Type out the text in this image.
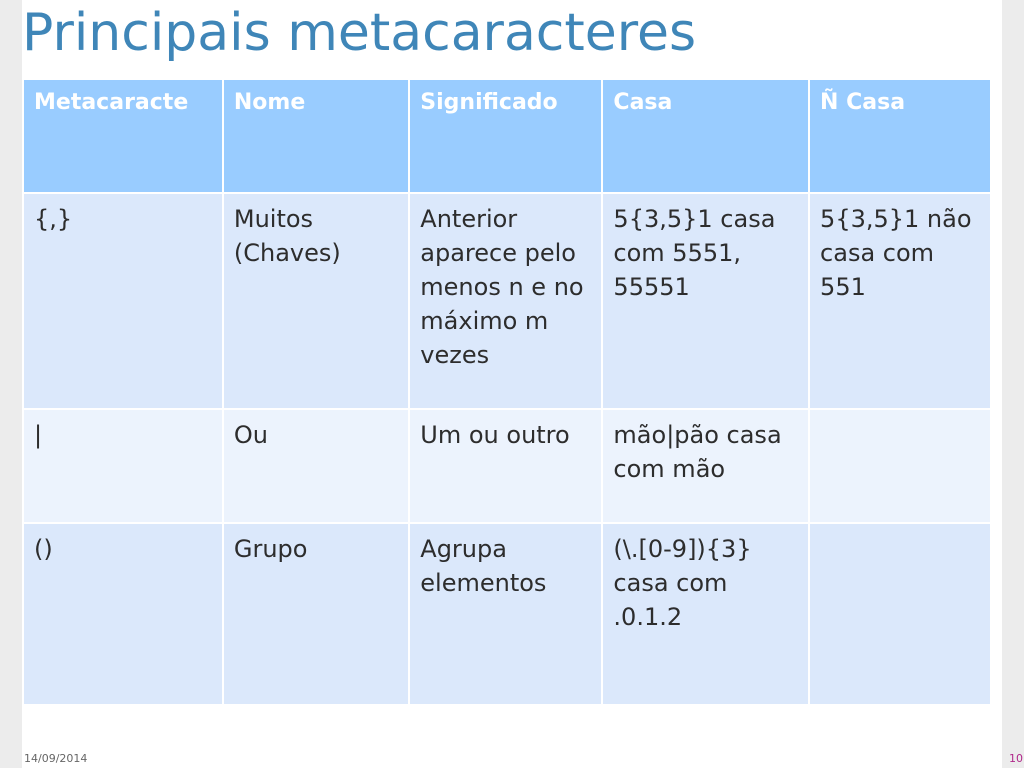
Principais metacaracteres
Metacaracte	Nome	Significado	Casa	Ñ Casa
{,}	Muitos (Chaves)	Anterior aparece pelo menos n e no máximo m vezes	5{3,5}1 casa com 5551, 55551	5{3,5}1 não casa com 551
|	Ou	Um ou outro	mão|pão casa com mão	
()	Grupo	Agrupa elementos	(\.[0-9]){3} casa com .0.1.2	
14/09/2014	10
